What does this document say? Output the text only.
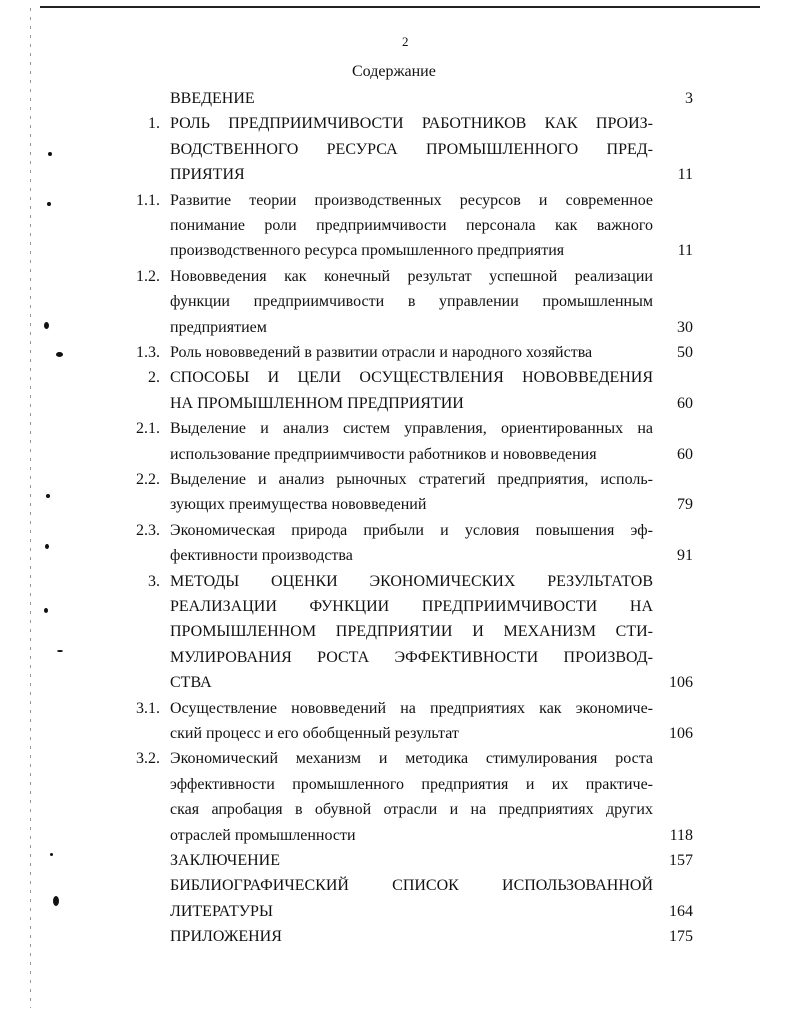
2
Содержание
ВВЕДЕНИЕ	3
1. РОЛЬ ПРЕДПРИИМЧИВОСТИ РАБОТНИКОВ КАК ПРОИЗ-
ВОДСТВЕННОГО РЕСУРСА ПРОМЫШЛЕННОГО ПРЕД-
ПРИЯТИЯ	11
1.1. Развитие теории производственных ресурсов и современное
понимание роли предприимчивости персонала как важного
производственного ресурса промышленного предприятия	11
1.2. Нововведения как конечный результат успешной реализации
функции предприимчивости в управлении промышленным
предприятием	30
1.3. Роль нововведений в развитии отрасли и народного хозяйства	50
2. СПОСОБЫ И ЦЕЛИ ОСУЩЕСТВЛЕНИЯ НОВОВВЕДЕНИЯ
НА ПРОМЫШЛЕННОМ ПРЕДПРИЯТИИ	60
2.1. Выделение и анализ систем управления, ориентированных на
использование предприимчивости работников и нововведения	60
2.2. Выделение и анализ рыночных стратегий предприятия, исполь-
зующих преимущества нововведений	79
2.3. Экономическая природа прибыли и условия повышения эф-
фективности производства	91
3. МЕТОДЫ ОЦЕНКИ ЭКОНОМИЧЕСКИХ РЕЗУЛЬТАТОВ
РЕАЛИЗАЦИИ ФУНКЦИИ ПРЕДПРИИМЧИВОСТИ НА
ПРОМЫШЛЕННОМ ПРЕДПРИЯТИИ И МЕХАНИЗМ СТИ-
МУЛИРОВАНИЯ РОСТА ЭФФЕКТИВНОСТИ ПРОИЗВОД-
СТВА	106
3.1. Осуществление нововведений на предприятиях как экономиче-
ский процесс и его обобщенный результат	106
3.2. Экономический механизм и методика стимулирования роста
эффективности промышленного предприятия и их практиче-
ская апробация в обувной отрасли и на предприятиях других
отраслей промышленности	118
ЗАКЛЮЧЕНИЕ	157
БИБЛИОГРАФИЧЕСКИЙ СПИСОК ИСПОЛЬЗОВАННОЙ
ЛИТЕРАТУРЫ	164
ПРИЛОЖЕНИЯ	175
